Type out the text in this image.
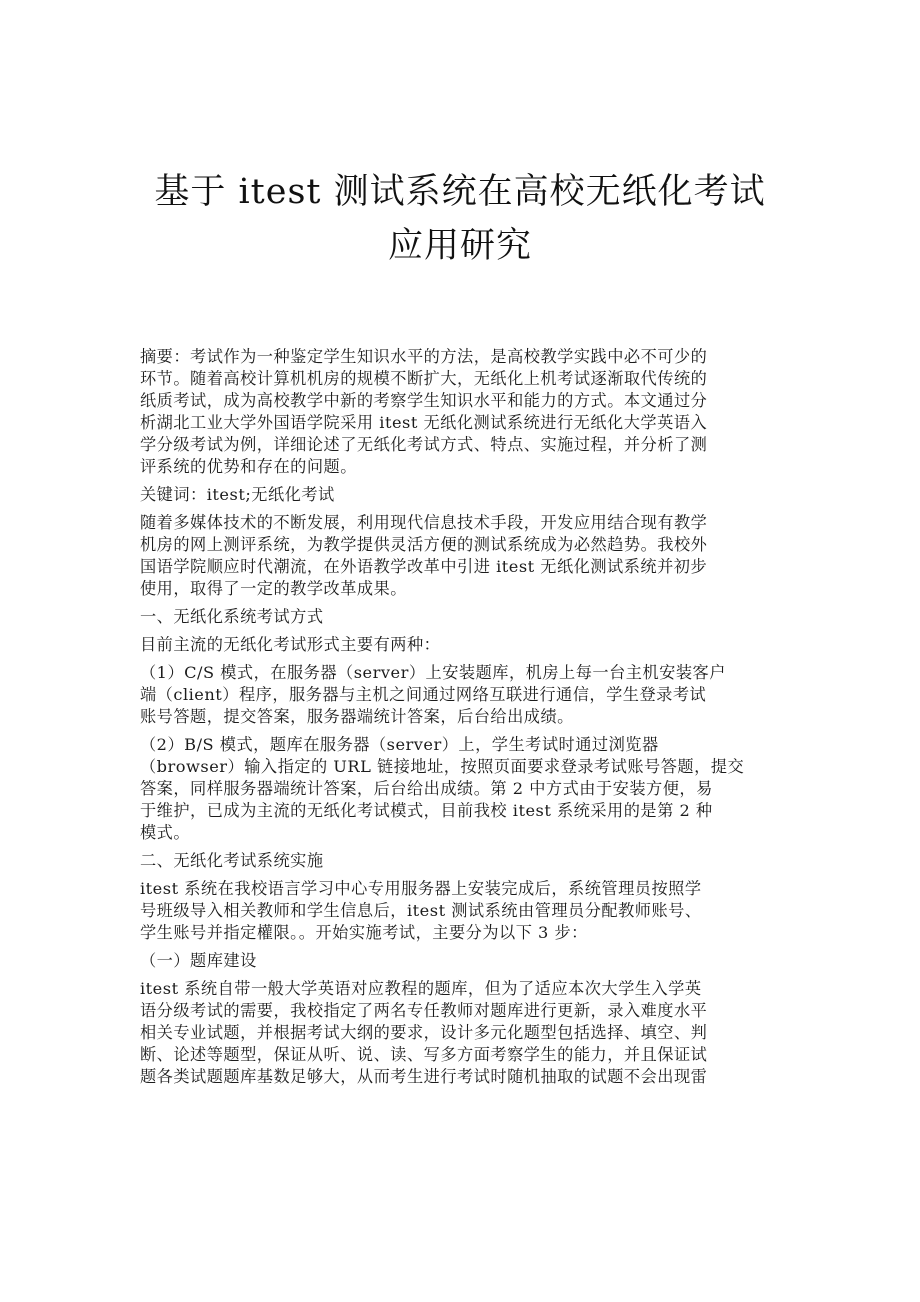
基于 itest 测试系统在高校无纸化考试
应用研究

摘要：考试作为一种鉴定学生知识水平的方法，是高校教学实践中必不可少的
环节。随着高校计算机机房的规模不断扩大，无纸化上机考试逐渐取代传统的
纸质考试，成为高校教学中新的考察学生知识水平和能力的方式。本文通过分
析湖北工业大学外国语学院采用 itest 无纸化测试系统进行无纸化大学英语入
学分级考试为例，详细论述了无纸化考试方式、特点、实施过程，并分析了测
评系统的优势和存在的问题。

关键词：itest;无纸化考试

随着多媒体技术的不断发展，利用现代信息技术手段，开发应用结合现有教学
机房的网上测评系统，为教学提供灵活方便的测试系统成为必然趋势。我校外
国语学院顺应时代潮流，在外语教学改革中引进 itest 无纸化测试系统并初步
使用，取得了一定的教学改革成果。

一、无纸化系统考试方式

目前主流的无纸化考试形式主要有两种：

（1）C/S 模式，在服务器（server）上安装题库，机房上每一台主机安装客户
端（client）程序，服务器与主机之间通过网络互联进行通信，学生登录考试
账号答题，提交答案，服务器端统计答案，后台给出成绩。

（2）B/S 模式，题库在服务器（server）上，学生考试时通过浏览器
（browser）输入指定的 URL 链接地址，按照页面要求登录考试账号答题，提交
答案，同样服务器端统计答案，后台给出成绩。第 2 中方式由于安装方便，易
于维护，已成为主流的无纸化考试模式，目前我校 itest 系统采用的是第 2 种
模式。

二、无纸化考试系统实施

itest 系统在我校语言学习中心专用服务器上安装完成后，系统管理员按照学
号班级导入相关教师和学生信息后，itest 测试系统由管理员分配教师账号、
学生账号并指定權限。。开始实施考试，主要分为以下 3 步：

（一）题库建设

itest 系统自带一般大学英语对应教程的题库，但为了适应本次大学生入学英
语分级考试的需要，我校指定了两名专任教师对题库进行更新，录入难度水平
相关专业试题，并根据考试大纲的要求，设计多元化题型包括选择、填空、判
断、论述等题型，保证从听、说、读、写多方面考察学生的能力，并且保证试
题各类试题题库基数足够大，从而考生进行考试时随机抽取的试题不会出现雷
